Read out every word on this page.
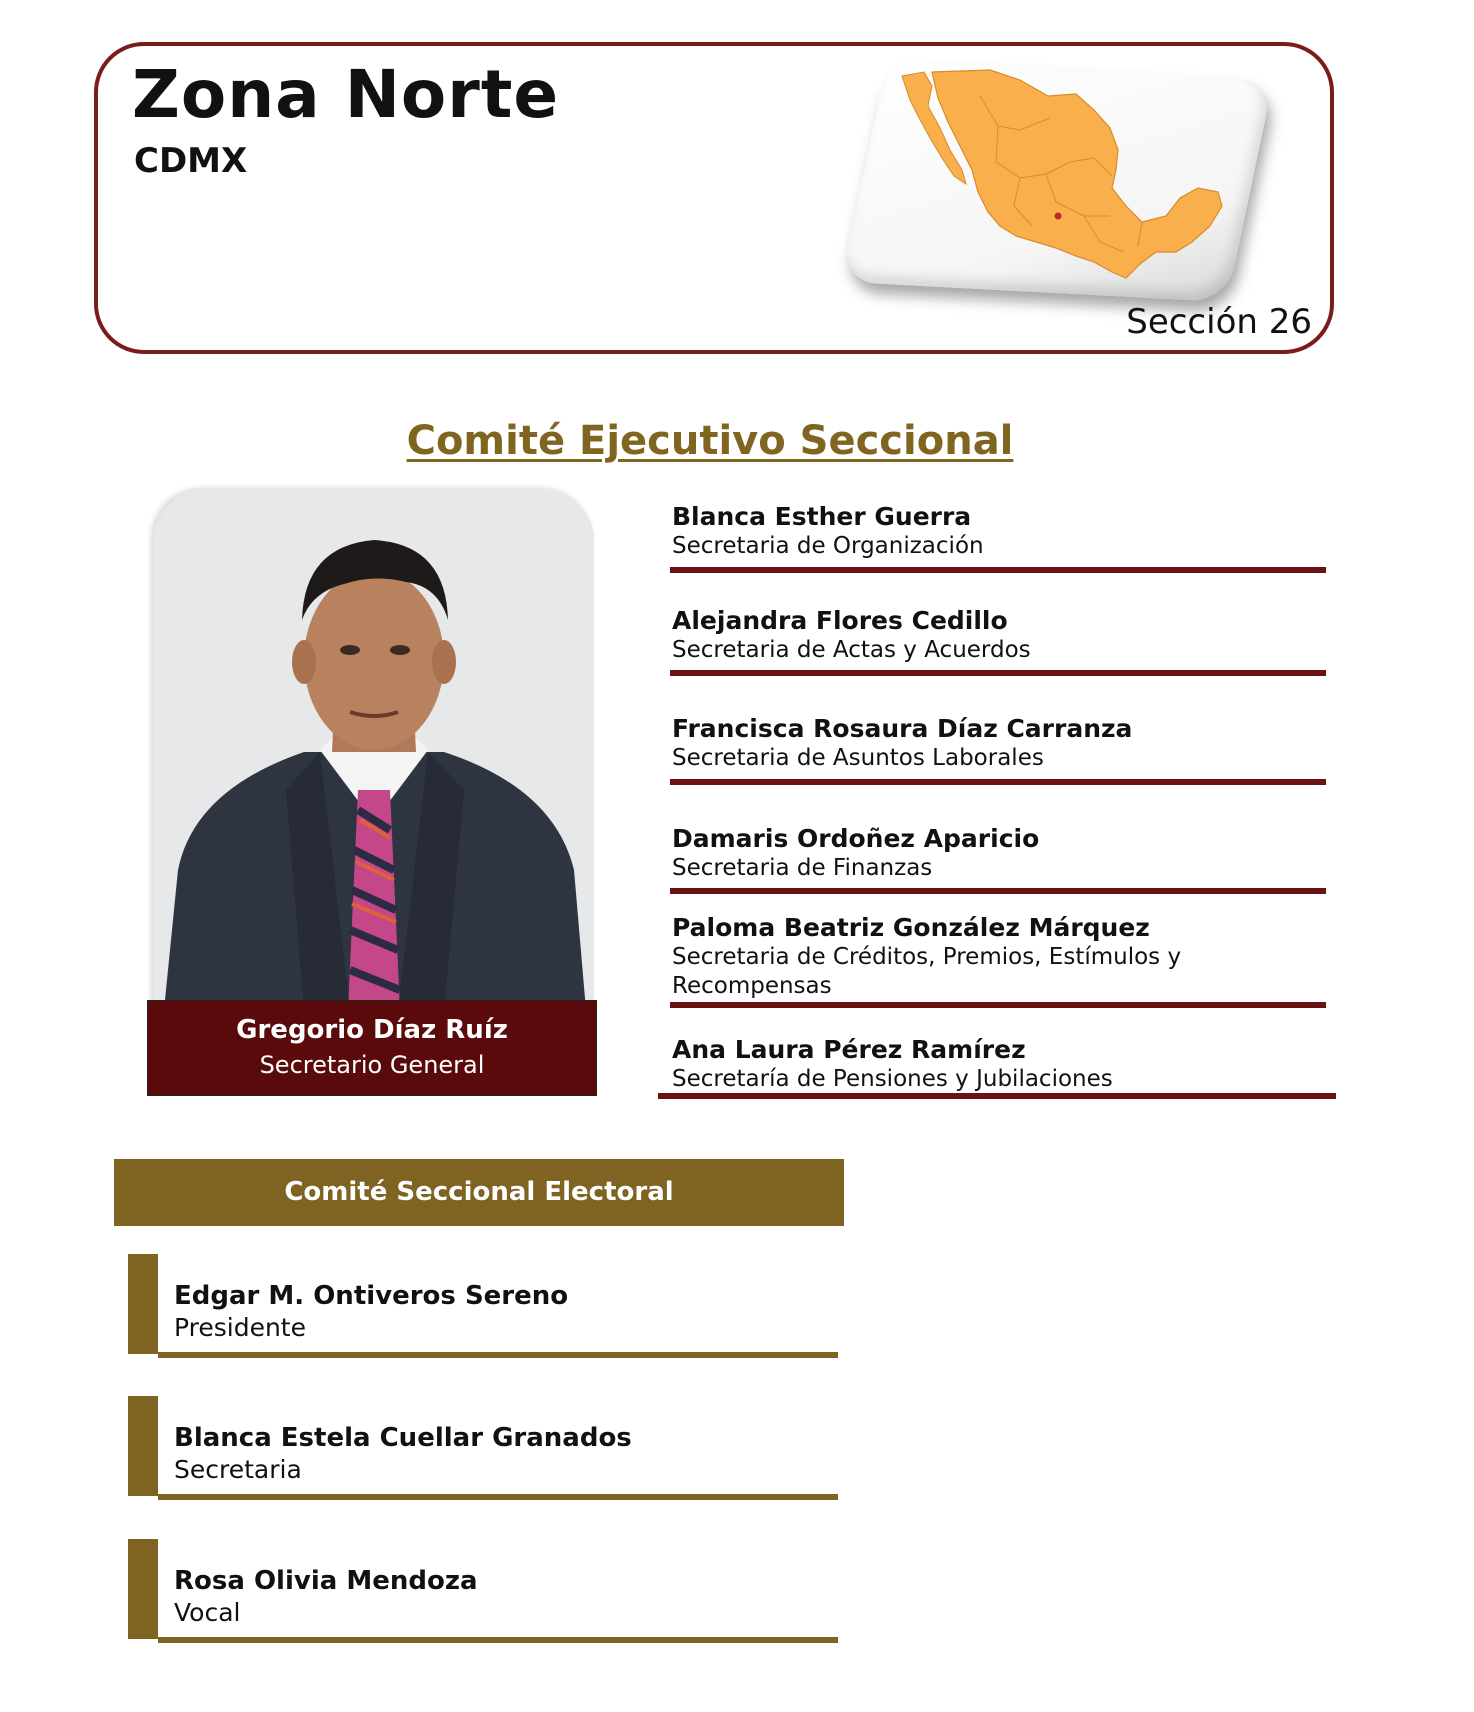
Zona Norte
CDMX
Sección 26
Comité Ejecutivo Seccional
Gregorio Díaz Ruíz
Secretario General
Blanca Esther Guerra
Secretaria de Organización
Alejandra Flores Cedillo
Secretaria de Actas y Acuerdos
Francisca Rosaura Díaz Carranza
Secretaria de Asuntos Laborales
Damaris Ordoñez Aparicio
Secretaria de Finanzas
Paloma Beatriz González Márquez
Secretaria de Créditos, Premios, Estímulos y Recompensas
Ana Laura Pérez Ramírez
Secretaría de Pensiones y Jubilaciones
Comité Seccional Electoral
Edgar M. Ontiveros Sereno
Presidente
Blanca Estela Cuellar Granados
Secretaria
Rosa Olivia Mendoza
Vocal
